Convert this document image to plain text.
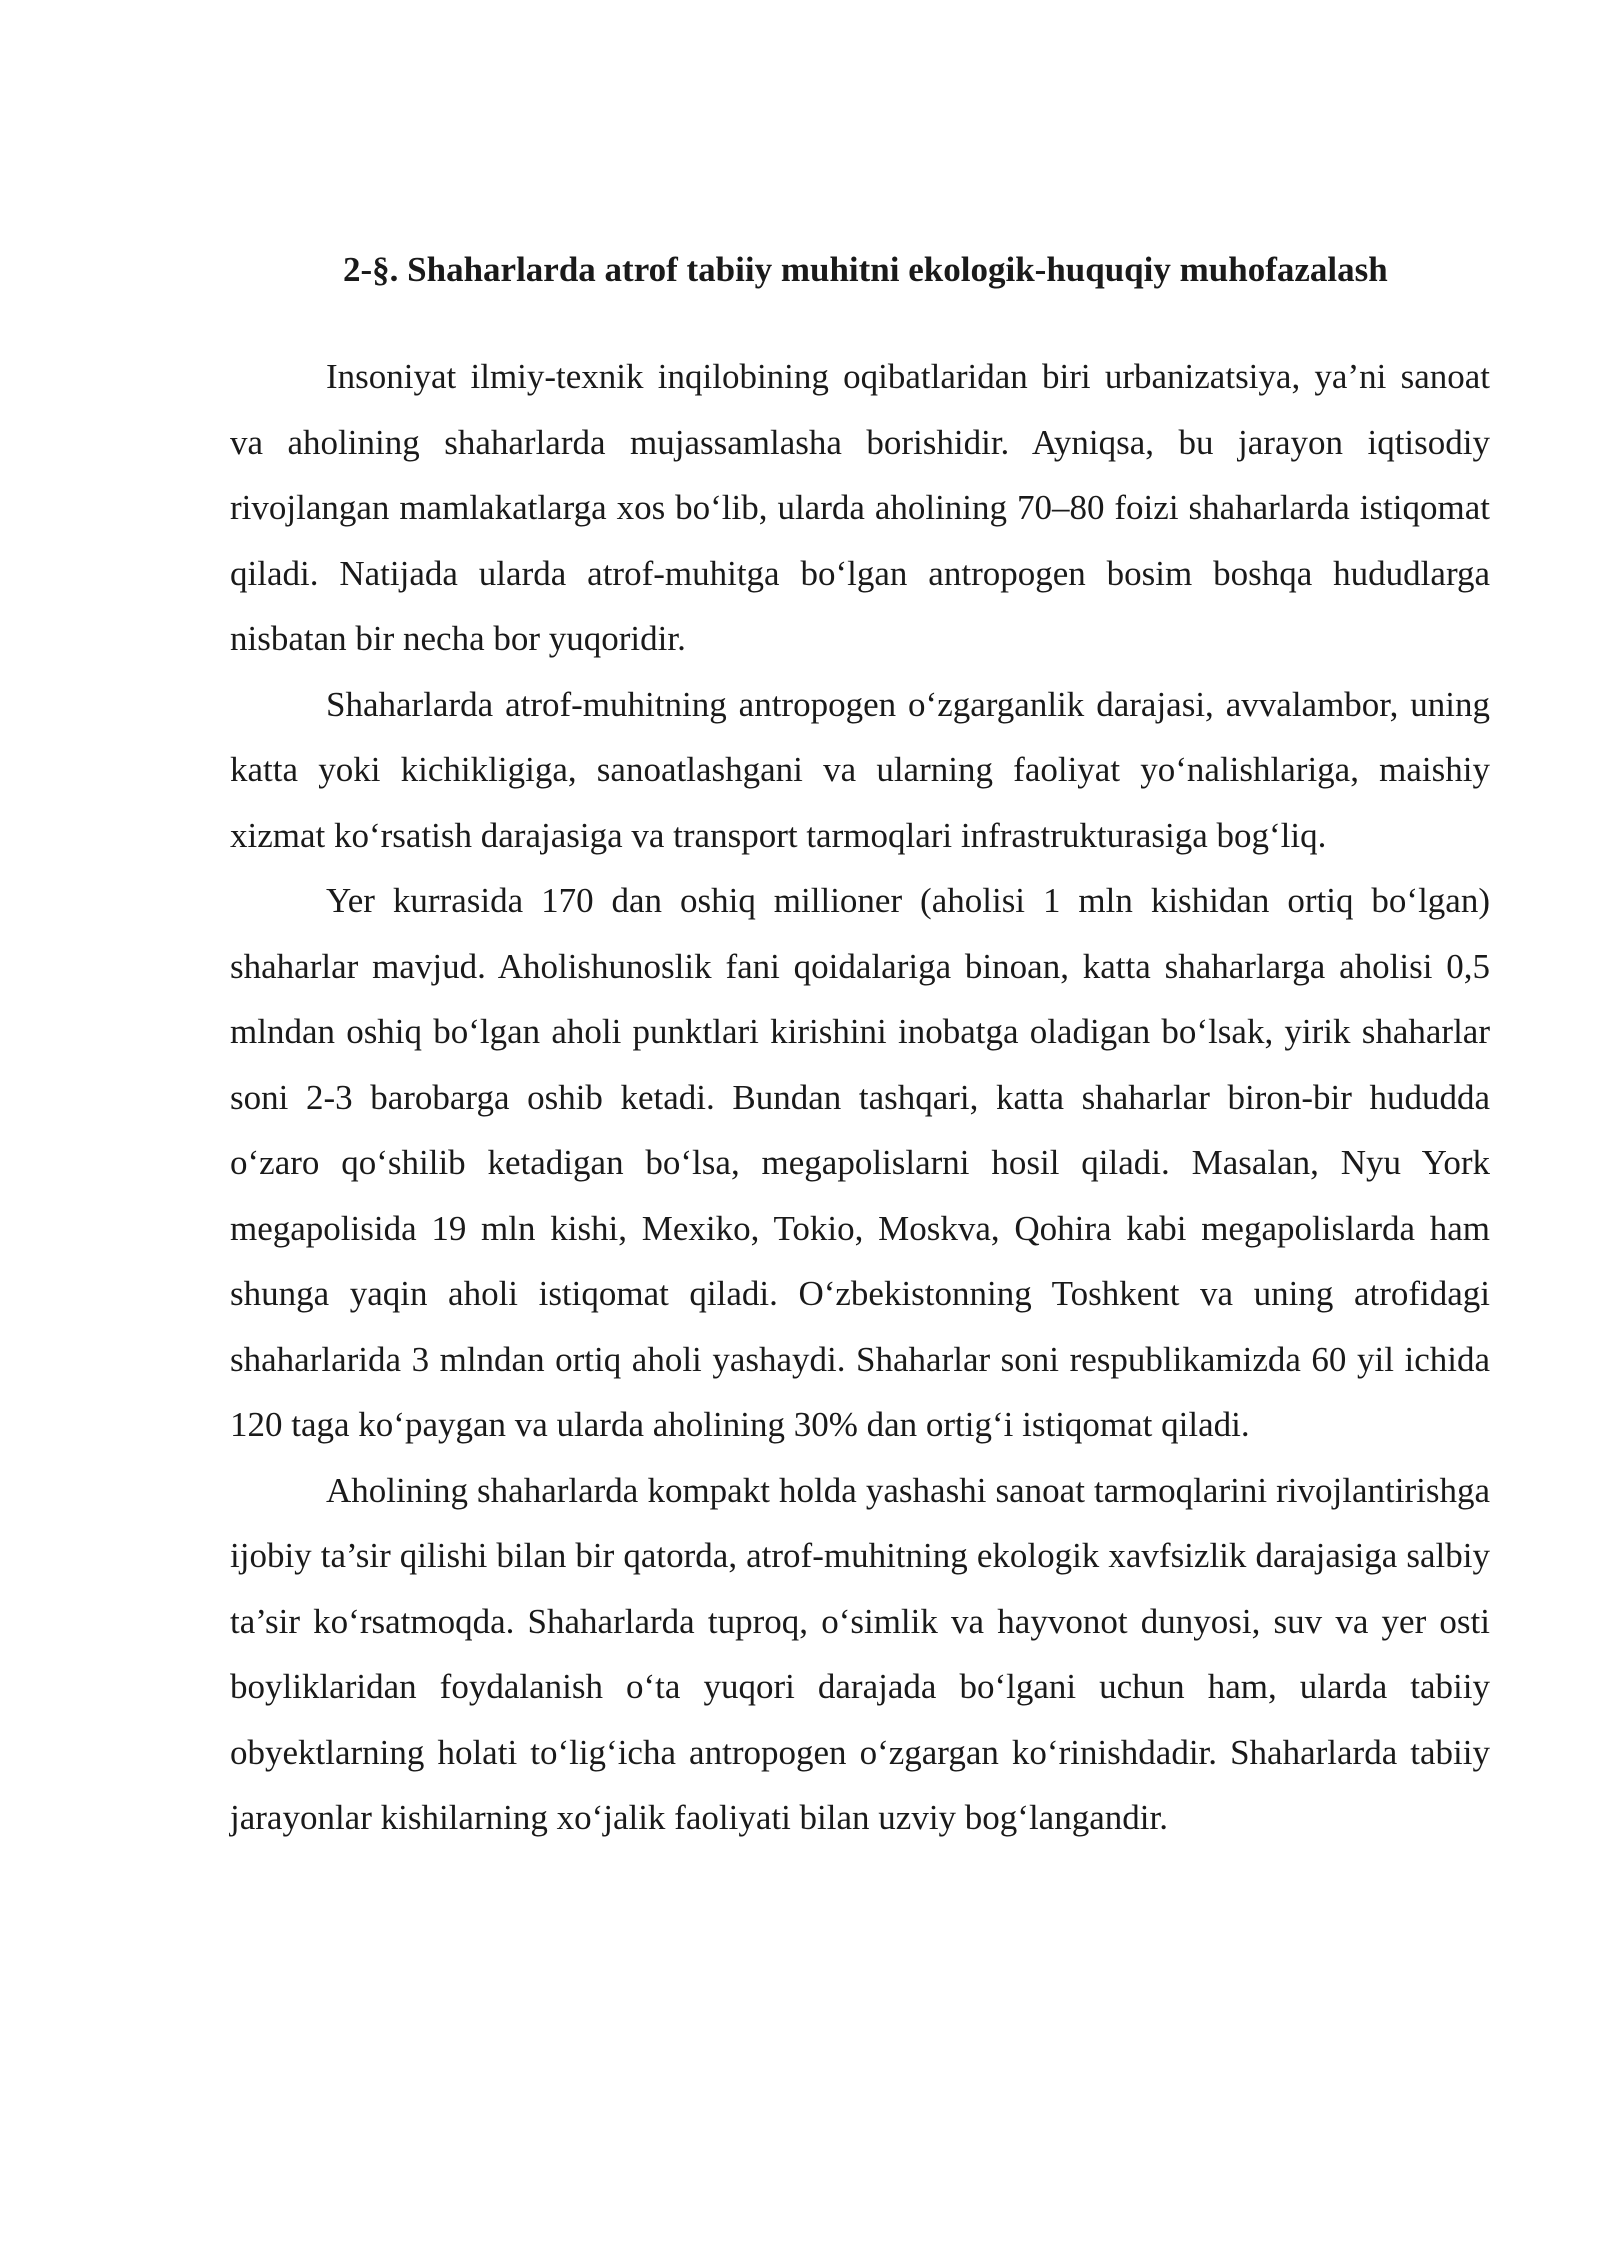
2-§. Shaharlarda atrof tabiiy muhitni ekologik-huquqiy muhofazalash

Insoniyat ilmiy-texnik inqilobining oqibatlaridan biri urbanizatsiya, ya’ni sanoat va aholining shaharlarda mujassamlasha borishidir. Ayniqsa, bu jarayon iqtisodiy rivojlangan mamlakatlarga xos bo‘lib, ularda aholining 70–80 foizi shaharlarda istiqomat qiladi. Natijada ularda atrof-muhitga bo‘lgan antropogen bosim boshqa hududlarga nisbatan bir necha bor yuqoridir.

Shaharlarda atrof-muhitning antropogen o‘zgarganlik darajasi, avvalambor, uning katta yoki kichikligiga, sanoatlashgani va ularning faoliyat yo‘nalishlariga, maishiy xizmat ko‘rsatish darajasiga va transport tarmoqlari infrastrukturasiga bog‘liq.

Yer kurrasida 170 dan oshiq millioner (aholisi 1 mln kishidan ortiq bo‘lgan) shaharlar mavjud. Aholishunoslik fani qoidalariga binoan, katta shaharlarga aholisi 0,5 mlndan oshiq bo‘lgan aholi punktlari kirishini inobatga oladigan bo‘lsak, yirik shaharlar soni 2-3 barobarga oshib ketadi. Bundan tashqari, katta shaharlar biron-bir hududda o‘zaro qo‘shilib ketadigan bo‘lsa, megapolislarni hosil qiladi. Masalan, Nyu York megapolisida 19 mln kishi, Mexiko, Tokio, Moskva, Qohira kabi megapolislarda ham shunga yaqin aholi istiqomat qiladi. O‘zbekistonning Toshkent va uning atrofidagi shaharlarida 3 mlndan ortiq aholi yashaydi. Shaharlar soni respublikamizda 60 yil ichida 120 taga ko‘paygan va ularda aholining 30% dan ortig‘i istiqomat qiladi.

Aholining shaharlarda kompakt holda yashashi sanoat tarmoqlarini rivojlantirishga ijobiy ta’sir qilishi bilan bir qatorda, atrof-muhitning ekologik xavfsizlik darajasiga salbiy ta’sir ko‘rsatmoqda. Shaharlarda tuproq, o‘simlik va hayvonot dunyosi, suv va yer osti boyliklaridan foydalanish o‘ta yuqori darajada bo‘lgani uchun ham, ularda tabiiy obyektlarning holati to‘lig‘icha antropogen o‘zgargan ko‘rinishdadir. Shaharlarda tabiiy jarayonlar kishilarning xo‘jalik faoliyati bilan uzviy bog‘langandir.
